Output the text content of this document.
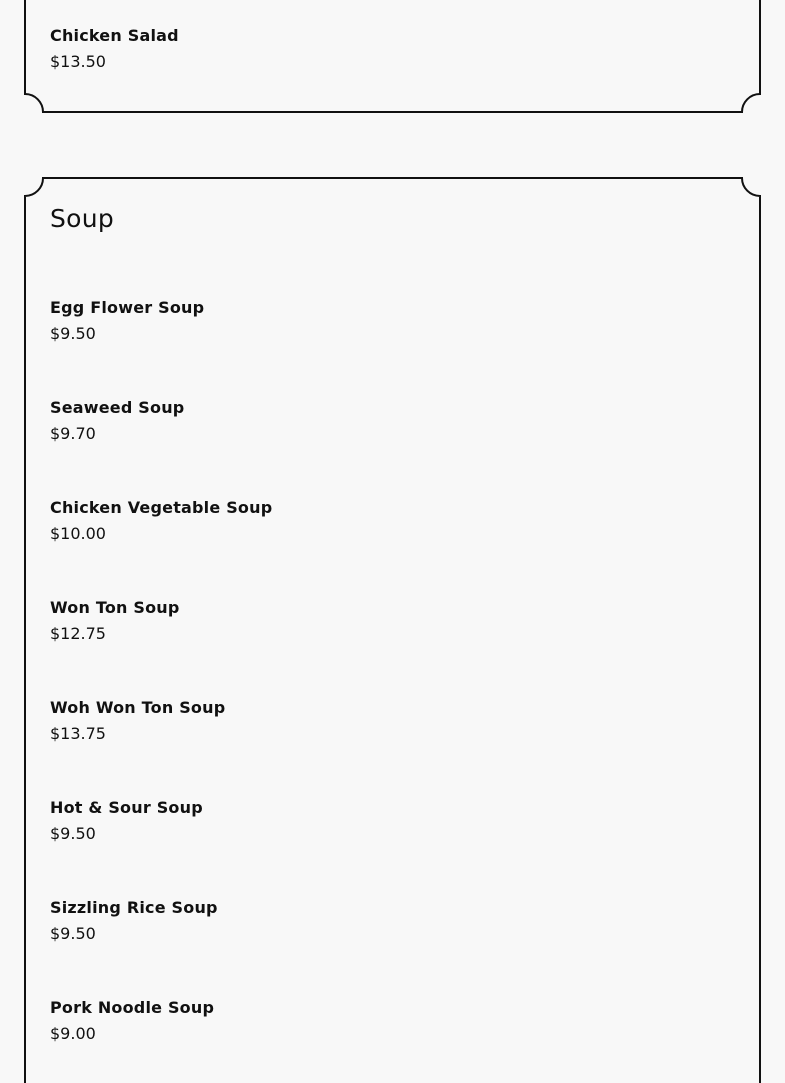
Chicken Salad
$13.50
Soup
Egg Flower Soup
$9.50
Seaweed Soup
$9.70
Chicken Vegetable Soup
$10.00
Won Ton Soup
$12.75
Woh Won Ton Soup
$13.75
Hot & Sour Soup
$9.50
Sizzling Rice Soup
$9.50
Pork Noodle Soup
$9.00
